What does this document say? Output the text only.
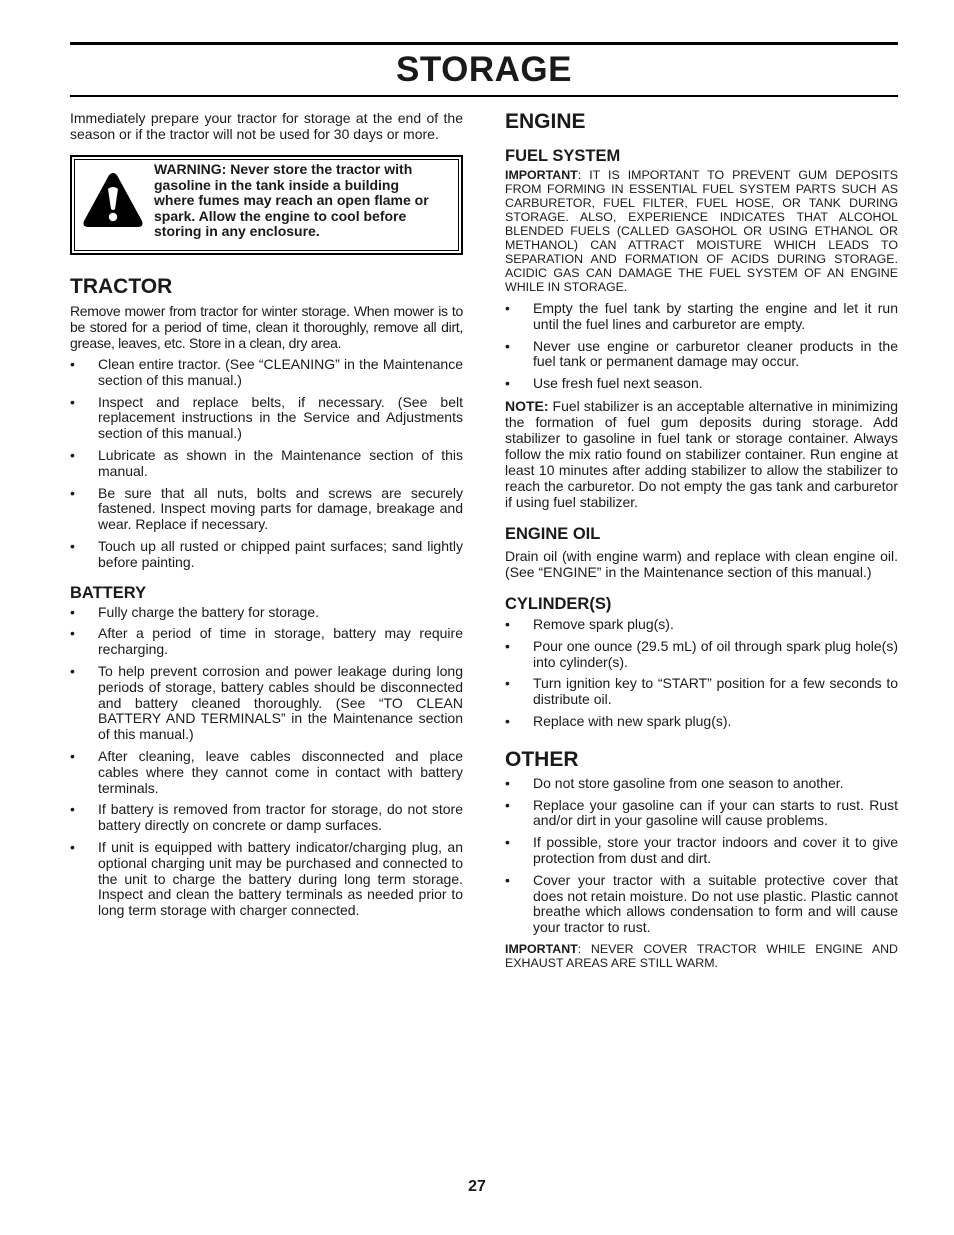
STORAGE

Immediately prepare your tractor for storage at the end of the season or if the tractor will not be used for 30 days or more.

WARNING: Never store the tractor with gasoline in the tank inside a building where fumes may reach an open flame or spark. Allow the engine to cool before storing in any enclosure.
TRACTOR

Remove mower from tractor for winter storage. When mower is to be stored for a period of time, clean it thoroughly, remove all dirt, grease, leaves, etc. Store in a clean, dry area.

• Clean entire tractor. (See “CLEANING” in the Maintenance section of this manual.)
• Inspect and replace belts, if necessary. (See belt replacement instructions in the Service and Adjustments section of this manual.)
• Lubricate as shown in the Maintenance section of this manual.
• Be sure that all nuts, bolts and screws are securely fastened. Inspect moving parts for damage, breakage and wear. Replace if necessary.
• Touch up all rusted or chipped paint surfaces; sand lightly before painting.
BATTERY
• Fully charge the battery for storage.
• After a period of time in storage, battery may require recharging.
• To help prevent corrosion and power leakage during long periods of storage, battery cables should be disconnected and battery cleaned thoroughly. (See “TO CLEAN BATTERY AND TERMINALS” in the Maintenance section of this manual.)
• After cleaning, leave cables disconnected and place cables where they cannot come in contact with battery terminals.
• If battery is removed from tractor for storage, do not store battery directly on concrete or damp surfaces.
• If unit is equipped with battery indicator/charging plug, an optional charging unit may be purchased and connected to the unit to charge the battery during long term storage. Inspect and clean the battery terminals as needed prior to long term storage with charger connected.
ENGINE
FUEL SYSTEM
IMPORTANT: IT IS IMPORTANT TO PREVENT GUM DEPOSITS FROM FORMING IN ESSENTIAL FUEL SYSTEM PARTS SUCH AS CARBURETOR, FUEL FILTER, FUEL HOSE, OR TANK DURING STORAGE. ALSO, EXPERIENCE INDICATES THAT ALCOHOL BLENDED FUELS (CALLED GASOHOL OR USING ETHANOL OR METHANOL) CAN ATTRACT MOISTURE WHICH LEADS TO SEPARATION AND FORMATION OF ACIDS DURING STORAGE. ACIDIC GAS CAN DAMAGE THE FUEL SYSTEM OF AN ENGINE WHILE IN STORAGE.
• Empty the fuel tank by starting the engine and let it run until the fuel lines and carburetor are empty.
• Never use engine or carburetor cleaner products in the fuel tank or permanent damage may occur.
• Use fresh fuel next season.

NOTE: Fuel stabilizer is an acceptable alternative in minimizing the formation of fuel gum deposits during storage. Add stabilizer to gasoline in fuel tank or storage container. Always follow the mix ratio found on stabilizer container. Run engine at least 10 minutes after adding stabilizer to allow the stabilizer to reach the carburetor. Do not empty the gas tank and carburetor if using fuel stabilizer.

ENGINE OIL

Drain oil (with engine warm) and replace with clean engine oil. (See “ENGINE” in the Maintenance section of this manual.)

CYLINDER(S)
• Remove spark plug(s).
• Pour one ounce (29.5 mL) of oil through spark plug hole(s) into cylinder(s).
• Turn ignition key to “START” position for a few seconds to distribute oil.
• Replace with new spark plug(s).
OTHER
• Do not store gasoline from one season to another.
• Replace your gasoline can if your can starts to rust. Rust and/or dirt in your gasoline will cause problems.
• If possible, store your tractor indoors and cover it to give protection from dust and dirt.
• Cover your tractor with a suitable protective cover that does not retain moisture. Do not use plastic. Plastic cannot breathe which allows condensation to form and will cause your tractor to rust.
IMPORTANT: NEVER COVER TRACTOR WHILE ENGINE AND EXHAUST AREAS ARE STILL WARM.
27
